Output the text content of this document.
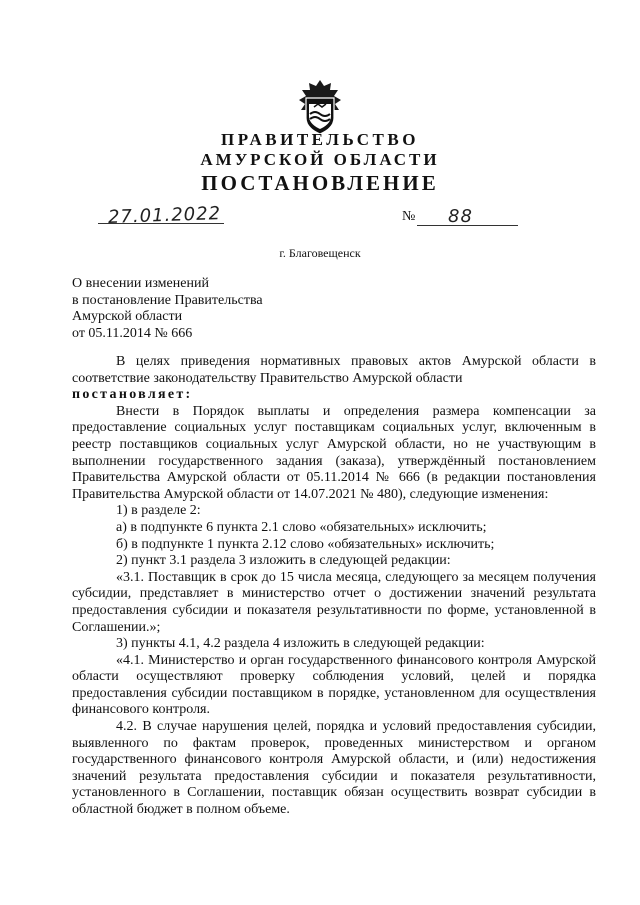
ПРАВИТЕЛЬСТВО
АМУРСКОЙ ОБЛАСТИ
ПОСТАНОВЛЕНИЕ
27.01.2022	№ 88
г. Благовещенск
О внесении изменений
в постановление Правительства
Амурской области
от 05.11.2014 № 666

В целях приведения нормативных правовых актов Амурской области в соответствие законодательству Правительство Амурской области

постановляет:

Внести в Порядок выплаты и определения размера компенсации за предоставление социальных услуг поставщикам социальных услуг, включенным в реестр поставщиков социальных услуг Амурской области, но не участвующим в выполнении государственного задания (заказа), утверждённый постановлением Правительства Амурской области от 05.11.2014 № 666 (в редакции постановления Правительства Амурской области от 14.07.2021 № 480), следующие изменения:

1) в разделе 2:

а) в подпункте 6 пункта 2.1 слово «обязательных» исключить;

б) в подпункте 1 пункта 2.12 слово «обязательных» исключить;

2) пункт 3.1 раздела 3 изложить в следующей редакции:

«3.1. Поставщик в срок до 15 числа месяца, следующего за месяцем получения субсидии, представляет в министерство отчет о достижении значений результата предоставления субсидии и показателя результативности по форме, установленной в Соглашении.»;

3) пункты 4.1, 4.2 раздела 4 изложить в следующей редакции:

«4.1. Министерство и орган государственного финансового контроля Амурской области осуществляют проверку соблюдения условий, целей и порядка предоставления субсидии поставщиком в порядке, установленном для осуществления финансового контроля.

4.2. В случае нарушения целей, порядка и условий предоставления субсидии, выявленного по фактам проверок, проведенных министерством и органом государственного финансового контроля Амурской области, и (или) недостижения значений результата предоставления субсидии и показателя результативности, установленного в Соглашении, поставщик обязан осуществить возврат субсидии в областной бюджет в полном объеме.
